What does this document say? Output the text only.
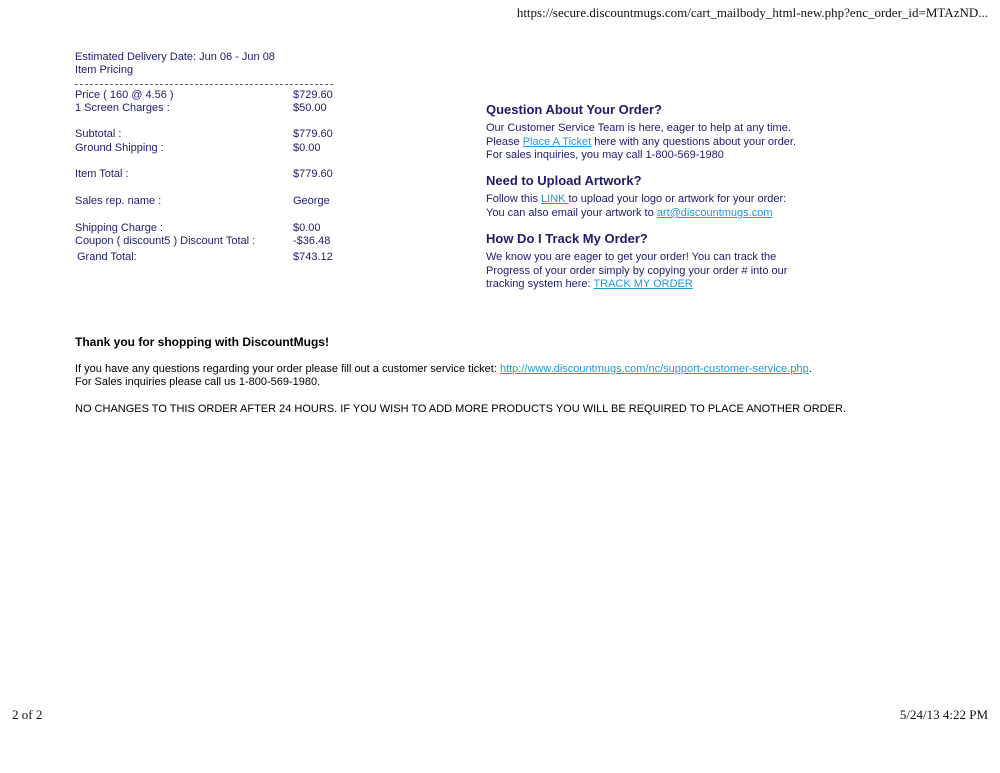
https://secure.discountmugs.com/cart_mailbody_html-new.php?enc_order_id=MTAzND...
Estimated Delivery Date: Jun 06 - Jun 08
Item Pricing
Price ( 160 @ 4.56 )	$729.60
1 Screen Charges :	$50.00
Subtotal :	$779.60
Ground Shipping :	$0.00
Item Total :	$779.60
Sales rep. name :	George
Shipping Charge :	$0.00
Coupon ( discount5 ) Discount Total :	-$36.48
Grand Total:	$743.12
Question About Your Order?

Our Customer Service Team is here, eager to help at any time.
Please Place A Ticket here with any questions about your order.
For sales inquiries, you may call 1-800-569-1980

Need to Upload Artwork?

Follow this LINK to upload your logo or artwork for your order:
You can also email your artwork to art@discountmugs.com

How Do I Track My Order?

We know you are eager to get your order! You can track the
Progress of your order simply by copying your order # into our
tracking system here: TRACK MY ORDER

Thank you for shopping with DiscountMugs!
If you have any questions regarding your order please fill out a customer service ticket: http://www.discountmugs.com/nc/support-customer-service.php.
For Sales inquiries please call us 1-800-569-1980.
NO CHANGES TO THIS ORDER AFTER 24 HOURS. IF YOU WISH TO ADD MORE PRODUCTS YOU WILL BE REQUIRED TO PLACE ANOTHER ORDER.
2 of 2	5/24/13 4:22 PM
